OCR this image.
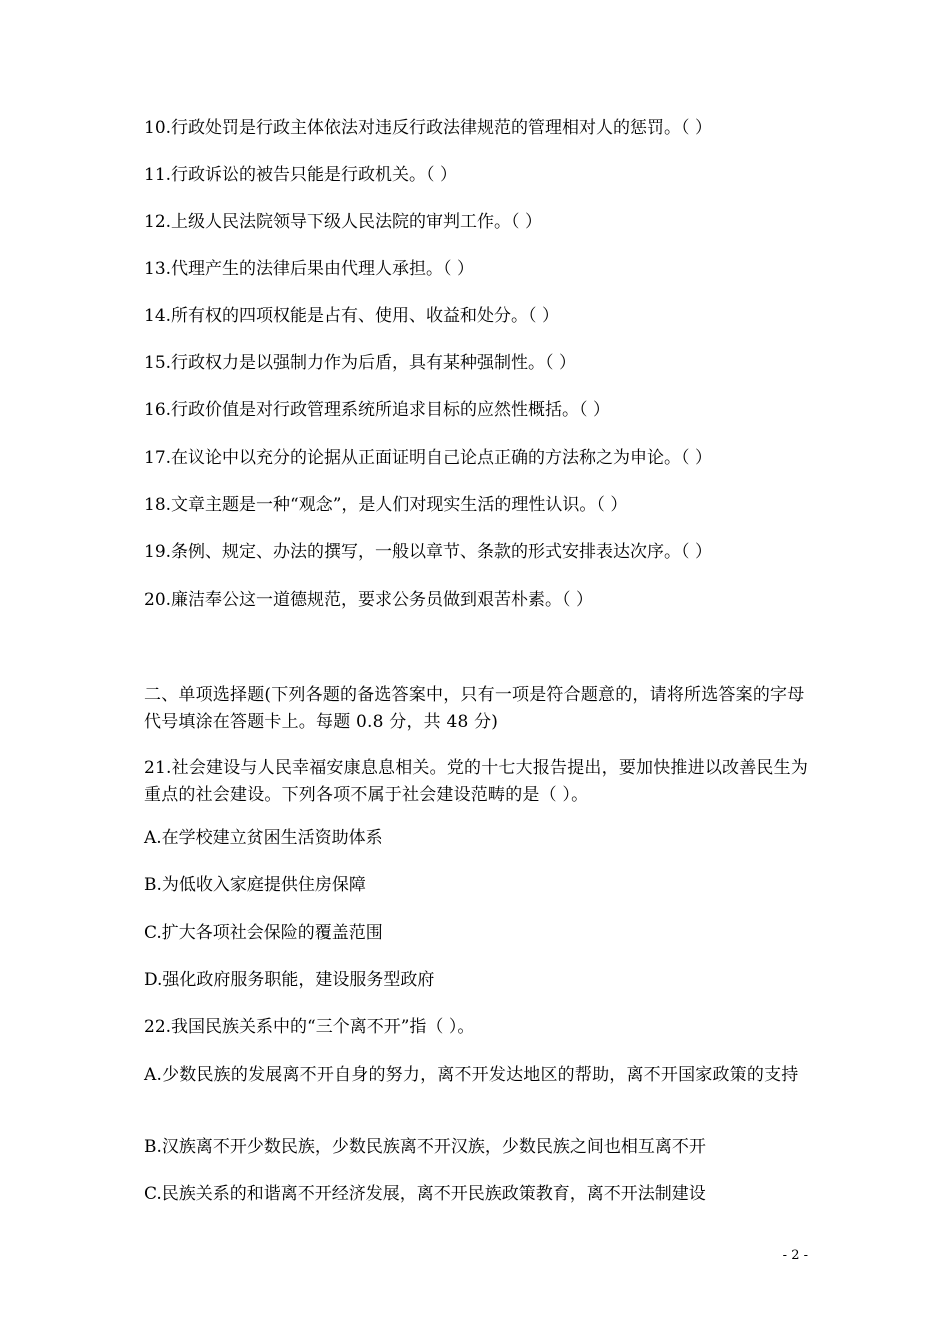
10.行政处罚是行政主体依法对违反行政法律规范的管理相对人的惩罚。（ ）
11.行政诉讼的被告只能是行政机关。（ ）
12.上级人民法院领导下级人民法院的审判工作。（ ）
13.代理产生的法律后果由代理人承担。（ ）
14.所有权的四项权能是占有、使用、收益和处分。（ ）
15.行政权力是以强制力作为后盾，具有某种强制性。（ ）
16.行政价值是对行政管理系统所追求目标的应然性概括。（ ）
17.在议论中以充分的论据从正面证明自己论点正确的方法称之为申论。（ ）
18.文章主题是一种“观念”，是人们对现实生活的理性认识。（ ）
19.条例、规定、办法的撰写，一般以章节、条款的形式安排表达次序。（ ）
20.廉洁奉公这一道德规范，要求公务员做到艰苦朴素。（ ）
二、单项选择题(下列各题的备选答案中，只有一项是符合题意的，请将所选答案的字母代号填涂在答题卡上。每题 0.8 分，共 48 分)
21.社会建设与人民幸福安康息息相关。党的十七大报告提出，要加快推进以改善民生为重点的社会建设。下列各项不属于社会建设范畴的是（ ）。
A.在学校建立贫困生活资助体系
B.为低收入家庭提供住房保障
C.扩大各项社会保险的覆盖范围
D.强化政府服务职能，建设服务型政府
22.我国民族关系中的“三个离不开”指（ ）。
A.少数民族的发展离不开自身的努力，离不开发达地区的帮助，离不开国家政策的支持
B.汉族离不开少数民族，少数民族离不开汉族，少数民族之间也相互离不开
C.民族关系的和谐离不开经济发展，离不开民族政策教育，离不开法制建设
- 2 -
